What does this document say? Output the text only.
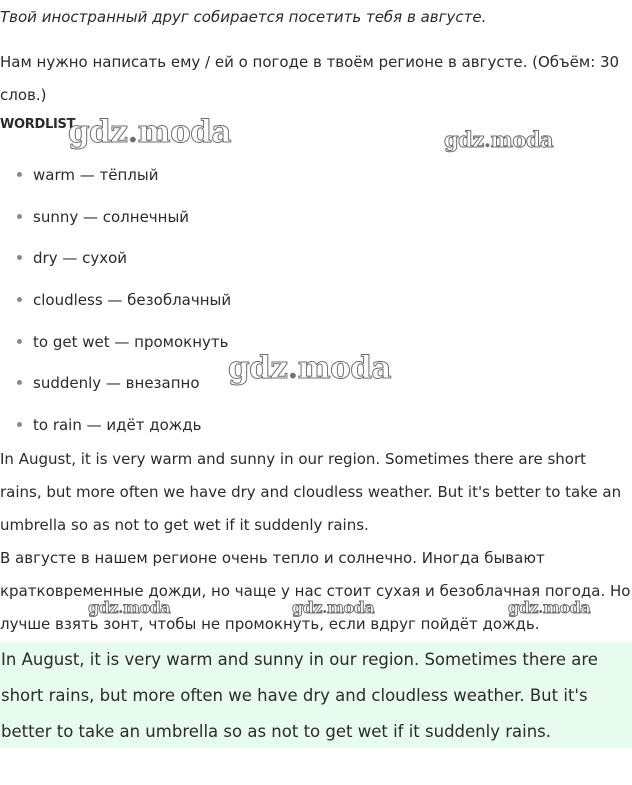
Твой иностранный друг собирается посетить тебя в августе.

Нам нужно написать ему / ей о погоде в твоём регионе в августе. (Объём: 30 слов.)

WORDLIST

warm — тёплый
sunny — солнечный
dry — сухой
cloudless — безоблачный
to get wet — промокнуть
suddenly — внезапно
to rain — идёт дождь

In August, it is very warm and sunny in our region. Sometimes there are short rains, but more often we have dry and cloudless weather. But it's better to take an umbrella so as not to get wet if it suddenly rains.

В августе в нашем регионе очень тепло и солнечно. Иногда бывают кратковременные дожди, но чаще у нас стоит сухая и безоблачная погода. Но лучше взять зонт, чтобы не промокнуть, если вдруг пойдёт дождь.

In August, it is very warm and sunny in our region. Sometimes there are short rains, but more often we have dry and cloudless weather. But it's better to take an umbrella so as not to get wet if it suddenly rains.

gdz.moda	gdz.moda
gdz.moda
gdz.moda	gdz.moda	gdz.moda
